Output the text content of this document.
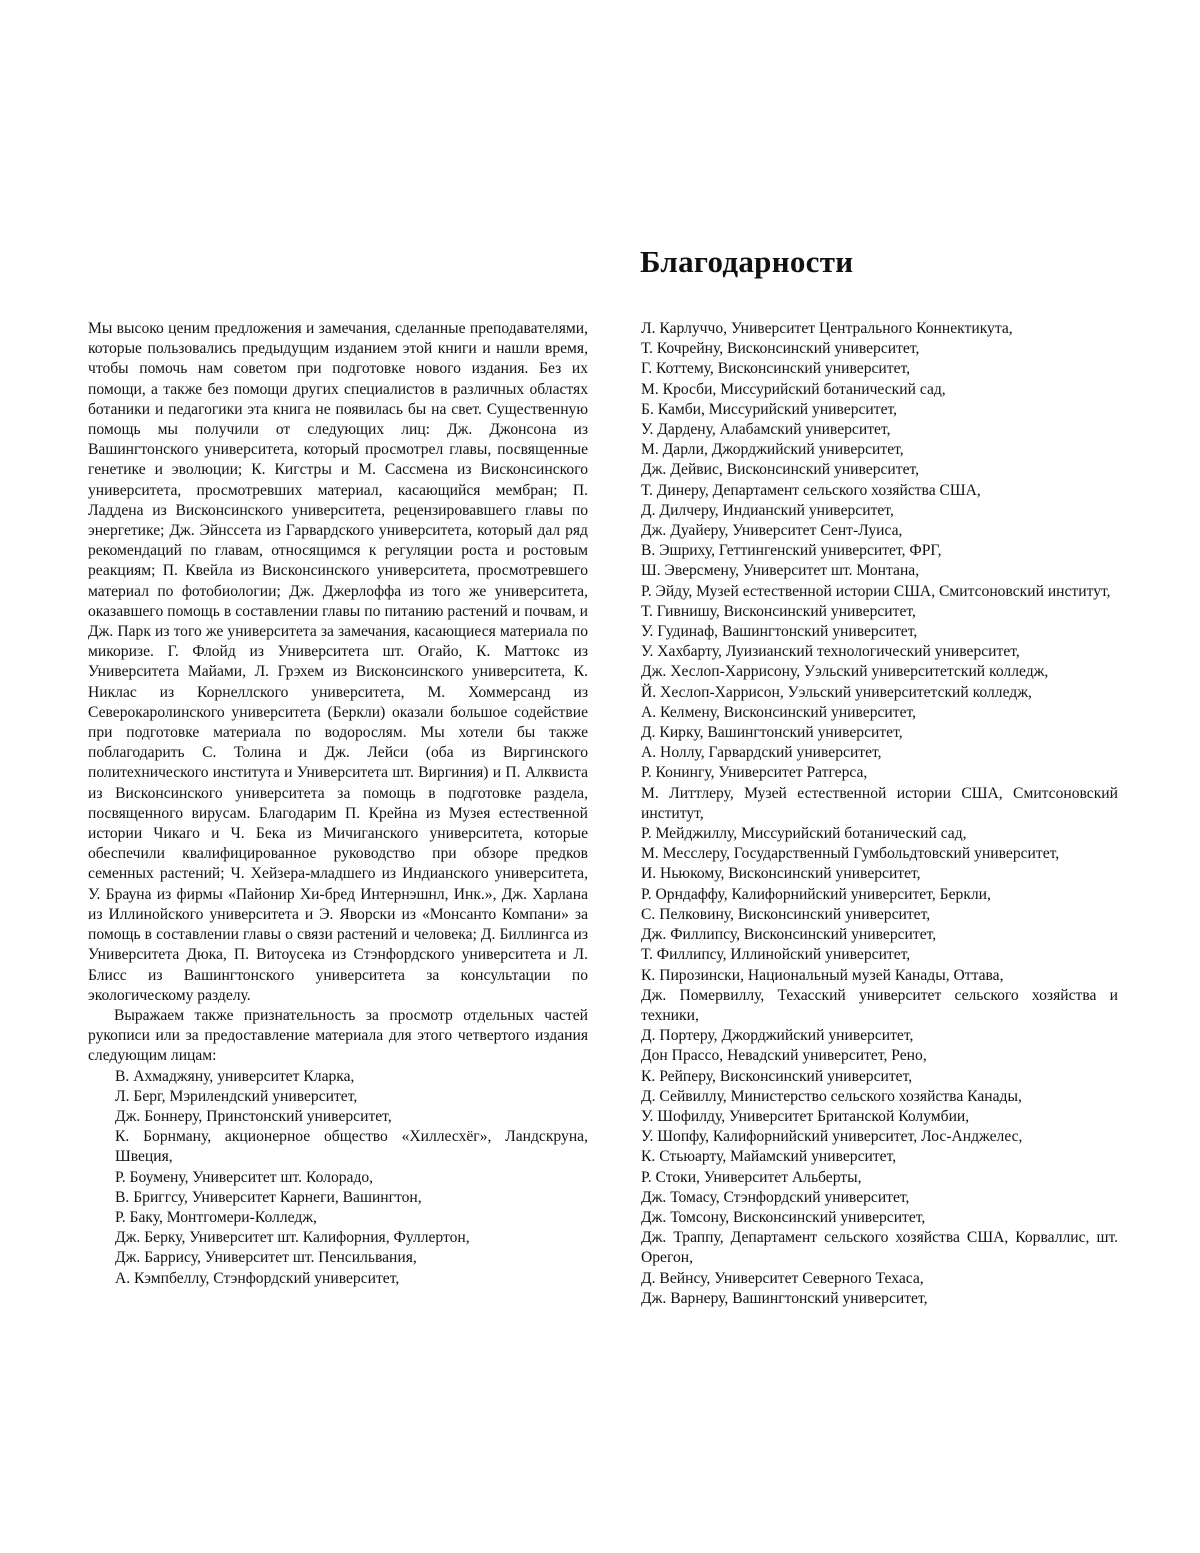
Благодарности

Мы высоко ценим предложения и замечания, сделанные преподавателями, которые пользовались предыдущим изданием этой книги и нашли время, чтобы помочь нам советом при подготовке нового издания. Без их помощи, а также без помощи других специалистов в различных областях ботаники и педагогики эта книга не появилась бы на свет. Существенную помощь мы получили от следующих лиц: Дж. Джонсона из Вашингтонского университета, который просмотрел главы, посвященные генетике и эволюции; К. Кигстры и М. Сассмена из Висконсинского университета, просмотревших материал, касающийся мембран; П. Ладдена из Висконсинского университета, рецензировавшего главы по энергетике; Дж. Эйнссета из Гарвардского университета, который дал ряд рекомендаций по главам, относящимся к регуляции роста и ростовым реакциям; П. Квейла из Висконсинского университета, просмотревшего материал по фотобиологии; Дж. Джерлоффа из того же университета, оказавшего помощь в составлении главы по питанию растений и почвам, и Дж. Парк из того же университета за замечания, касающиеся материала по микоризе. Г. Флойд из Университета шт. Огайо, К. Маттокс из Университета Майами, Л. Грэхем из Висконсинского университета, К. Никлас из Корнеллского университета, М. Хоммерсанд из Северокаролинского университета (Беркли) оказали большое содействие при подготовке материала по водорослям. Мы хотели бы также поблагодарить С. Толина и Дж. Лейси (оба из Виргинского политехнического института и Университета шт. Виргиния) и П. Алквиста из Висконсинского университета за помощь в подготовке раздела, посвященного вирусам. Благодарим П. Крейна из Музея естественной истории Чикаго и Ч. Бека из Мичиганского университета, которые обеспечили квалифицированное руководство при обзоре предков семенных растений; Ч. Хейзера-младшего из Индианского университета, У. Брауна из фирмы «Пайонир Хи-бред Интернэшнл, Инк.», Дж. Харлана из Иллинойского университета и Э. Яворски из «Монсанто Компани» за помощь в составлении главы о связи растений и человека; Д. Биллингса из Университета Дюка, П. Витоусека из Стэнфордского университета и Л. Блисс из Вашингтонского университета за консультации по экологическому разделу.

Выражаем также признательность за просмотр отдельных частей рукописи или за предоставление материала для этого четвертого издания следующим лицам:

В. Ахмаджяну, университет Кларка,
Л. Берг, Мэрилендский университет,
Дж. Боннеру, Принстонский университет,
К. Борнману, акционерное общество «Хиллесхёг», Ландскруна, Швеция,
Р. Боумену, Университет шт. Колорадо,
В. Бриггсу, Университет Карнеги, Вашингтон,
Р. Баку, Монтгомери-Колледж,
Дж. Берку, Университет шт. Калифорния, Фуллертон,
Дж. Баррису, Университет шт. Пенсильвания,
А. Кэмпбеллу, Стэнфордский университет,
Л. Карлуччо, Университет Центрального Коннектикута,
Т. Кочрейну, Висконсинский университет,
Г. Коттему, Висконсинский университет,
М. Кросби, Миссурийский ботанический сад,
Б. Камби, Миссурийский университет,
У. Дардену, Алабамский университет,
М. Дарли, Джорджийский университет,
Дж. Дейвис, Висконсинский университет,
Т. Динеру, Департамент сельского хозяйства США,
Д. Дилчеру, Индианский университет,
Дж. Дуайеру, Университет Сент-Луиса,
В. Эшриху, Геттингенский университет, ФРГ,
Ш. Эверсмену, Университет шт. Монтана,
Р. Эйду, Музей естественной истории США, Смитсоновский институт,
Т. Гивнишу, Висконсинский университет,
У. Гудинаф, Вашингтонский университет,
У. Хахбарту, Луизианский технологический университет,
Дж. Хеслоп-Харрисону, Уэльский университетский колледж,
Й. Хеслоп-Харрисон, Уэльский университетский колледж,
А. Келмену, Висконсинский университет,
Д. Кирку, Вашингтонский университет,
А. Ноллу, Гарвардский университет,
Р. Конингу, Университет Ратгерса,
М. Литтлеру, Музей естественной истории США, Смитсоновский институт,
Р. Мейджиллу, Миссурийский ботанический сад,
М. Месслеру, Государственный Гумбольдтовский университет,
И. Ньюкому, Висконсинский университет,
Р. Орндаффу, Калифорнийский университет, Беркли,
С. Пелковину, Висконсинский университет,
Дж. Филлипсу, Висконсинский университет,
Т. Филлипсу, Иллинойский университет,
К. Пирозински, Национальный музей Канады, Оттава,
Дж. Помервиллу, Техасский университет сельского хозяйства и техники,
Д. Портеру, Джорджийский университет,
Дон Прассо, Невадский университет, Рено,
К. Рейперу, Висконсинский университет,
Д. Сейвиллу, Министерство сельского хозяйства Канады,
У. Шофилду, Университет Британской Колумбии,
У. Шопфу, Калифорнийский университет, Лос-Анджелес,
К. Стьюарту, Майамский университет,
Р. Стоки, Университет Альберты,
Дж. Томасу, Стэнфордский университет,
Дж. Томсону, Висконсинский университет,
Дж. Траппу, Департамент сельского хозяйства США, Корваллис, шт. Орегон,
Д. Вейнсу, Университет Северного Техаса,
Дж. Варнеру, Вашингтонский университет,
